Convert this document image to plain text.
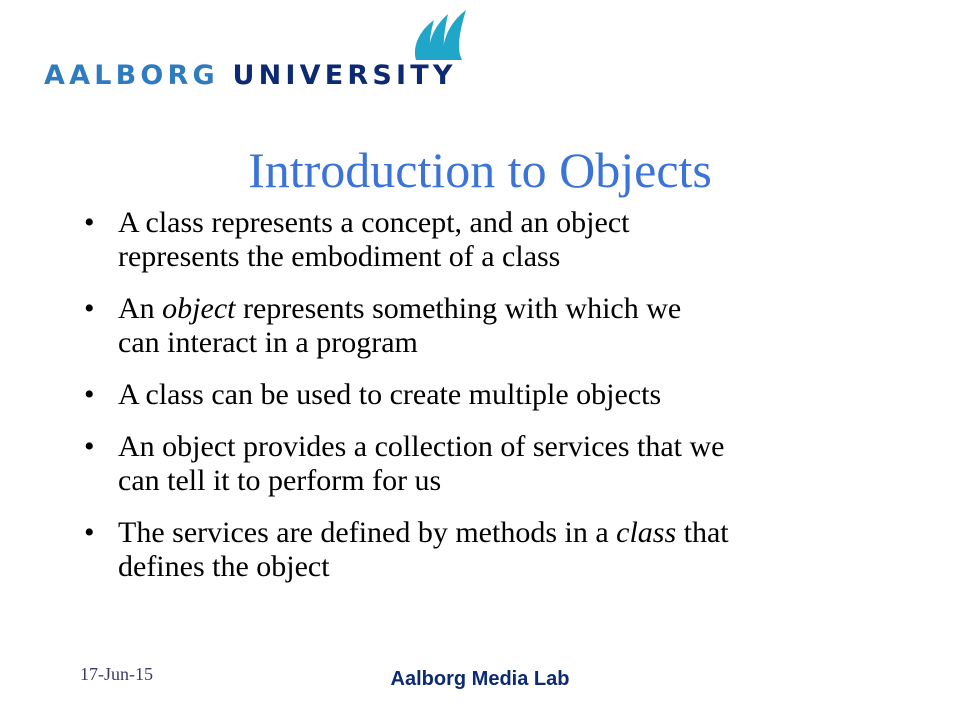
AALBORG UNIVERSITY
Introduction to Objects
• A class represents a concept, and an object
represents the embodiment of a class
• An object represents something with which we
can interact in a program
• A class can be used to create multiple objects
• An object provides a collection of services that we
can tell it to perform for us
• The services are defined by methods in a class that
defines the object
17-Jun-15	Aalborg Media Lab
